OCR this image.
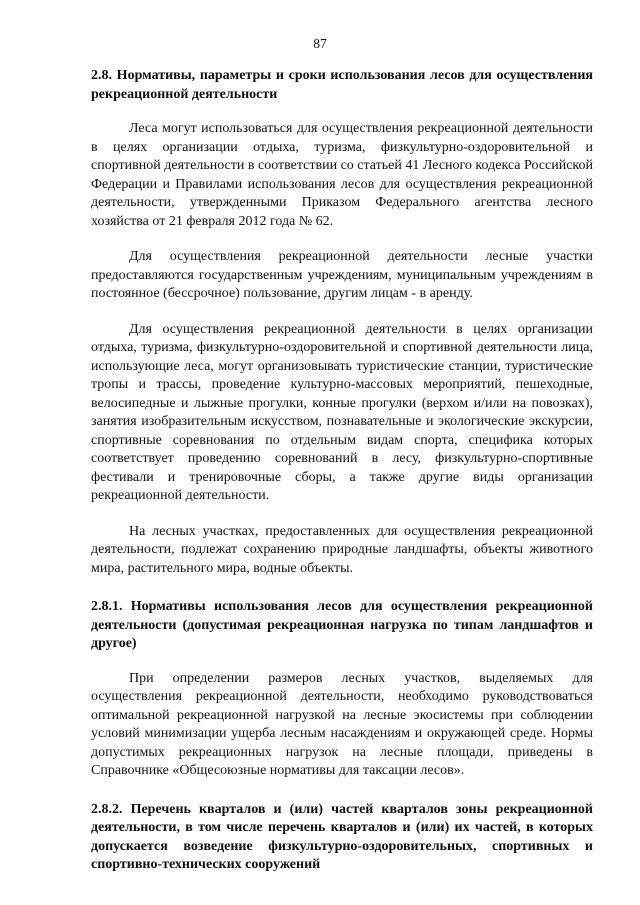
87
2.8. Нормативы, параметры и сроки использования лесов для осуществления рекреационной деятельности

Леса могут использоваться для осуществления рекреационной деятельности в целях организации отдыха, туризма, физкультурно-оздоровительной и спортивной деятельности в соответствии со статьей 41 Лесного кодекса Российской Федерации и Правилами использования лесов для осуществления рекреационной деятельности, утвержденными Приказом Федерального агентства лесного хозяйства от 21 февраля 2012 года № 62.

Для осуществления рекреационной деятельности лесные участки предоставляются государственным учреждениям, муниципальным учреждениям в постоянное (бессрочное) пользование, другим лицам - в аренду.

Для осуществления рекреационной деятельности в целях организации отдыха, туризма, физкультурно-оздоровительной и спортивной деятельности лица, использующие леса, могут организовывать туристические станции, туристические тропы и трассы, проведение культурно-массовых мероприятий, пешеходные, велосипедные и лыжные прогулки, конные прогулки (верхом и/или на повозках), занятия изобразительным искусством, познавательные и экологические экскурсии, спортивные соревнования по отдельным видам спорта, специфика которых соответствует проведению соревнований в лесу, физкультурно-спортивные фестивали и тренировочные сборы, а также другие виды организации рекреационной деятельности.

На лесных участках, предоставленных для осуществления рекреационной деятельности, подлежат сохранению природные ландшафты, объекты животного мира, растительного мира, водные объекты.

2.8.1. Нормативы использования лесов для осуществления рекреационной деятельности (допустимая рекреационная нагрузка по типам ландшафтов и другое)

При определении размеров лесных участков, выделяемых для осуществления рекреационной деятельности, необходимо руководствоваться оптимальной рекреационной нагрузкой на лесные экосистемы при соблюдении условий минимизации ущерба лесным насаждениям и окружающей среде. Нормы допустимых рекреационных нагрузок на лесные площади, приведены в Справочнике «Общесоюзные нормативы для таксации лесов».

2.8.2. Перечень кварталов и (или) частей кварталов зоны рекреационной деятельности, в том числе перечень кварталов и (или) их частей, в которых допускается возведение физкультурно-оздоровительных, спортивных и спортивно-технических сооружений
